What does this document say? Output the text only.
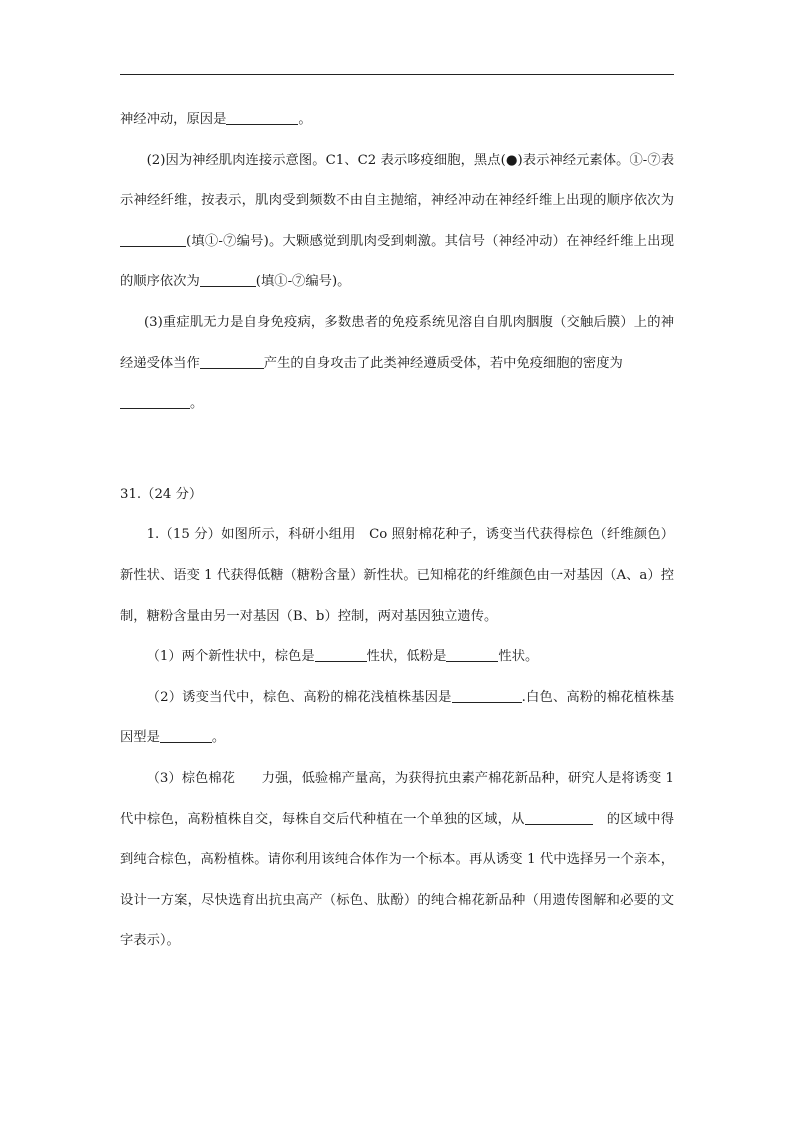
神经冲动，原因是	。

(2)因为神经肌肉连接示意图。C1、C2 表示哆疫细胞，黑点(●)表示神经元素体。①-⑦表示神经纤维，按表示，肌肉受到频数不由自主抛缩，神经冲动在神经纤维上出现的顺序依次为(填①-⑦编号)。大颗感觉到肌肉受到刺激。其信号（神经冲动）在神经纤维上出现的顺序依次为	(填①-⑦编号)。

(3)重症肌无力是自身免疫病，多数患者的免疫系统见溶自自肌肉胭腹（交触后膜）上的神经递受体当作	产生的自身攻击了此类神经遵质受体，若中免疫细胞的密度为
。

31.（24 分）

1.（15 分）如图所示，科研小组用　Co 照射棉花种子，诱变当代获得棕色（纤维颜色）新性状、语变 1 代获得低糖（糖粉含量）新性状。已知棉花的纤维颜色由一对基因（A、a）控制，糖粉含量由另一对基因（B、b）控制，两对基因独立遗传。

（1）两个新性状中，棕色是	性状，低粉是	性状。

（2）诱变当代中，棕色、高粉的棉花浅植株基因是	.白色、高粉的棉花植株基因型是	。

（3）棕色棉花　　力强，低验棉产量高，为获得抗虫素产棉花新品种，研究人是将诱变 1 代中棕色，高粉植株自交，每株自交后代种植在一个单独的区域，从	的区域中得到纯合棕色，高粉植株。请你利用该纯合体作为一个标本。再从诱变 1 代中选择另一个亲本，设计一方案，尽快选育出抗虫高产（标色、肽酚）的纯合棉花新品种（用遗传图解和必要的文字表示）。
